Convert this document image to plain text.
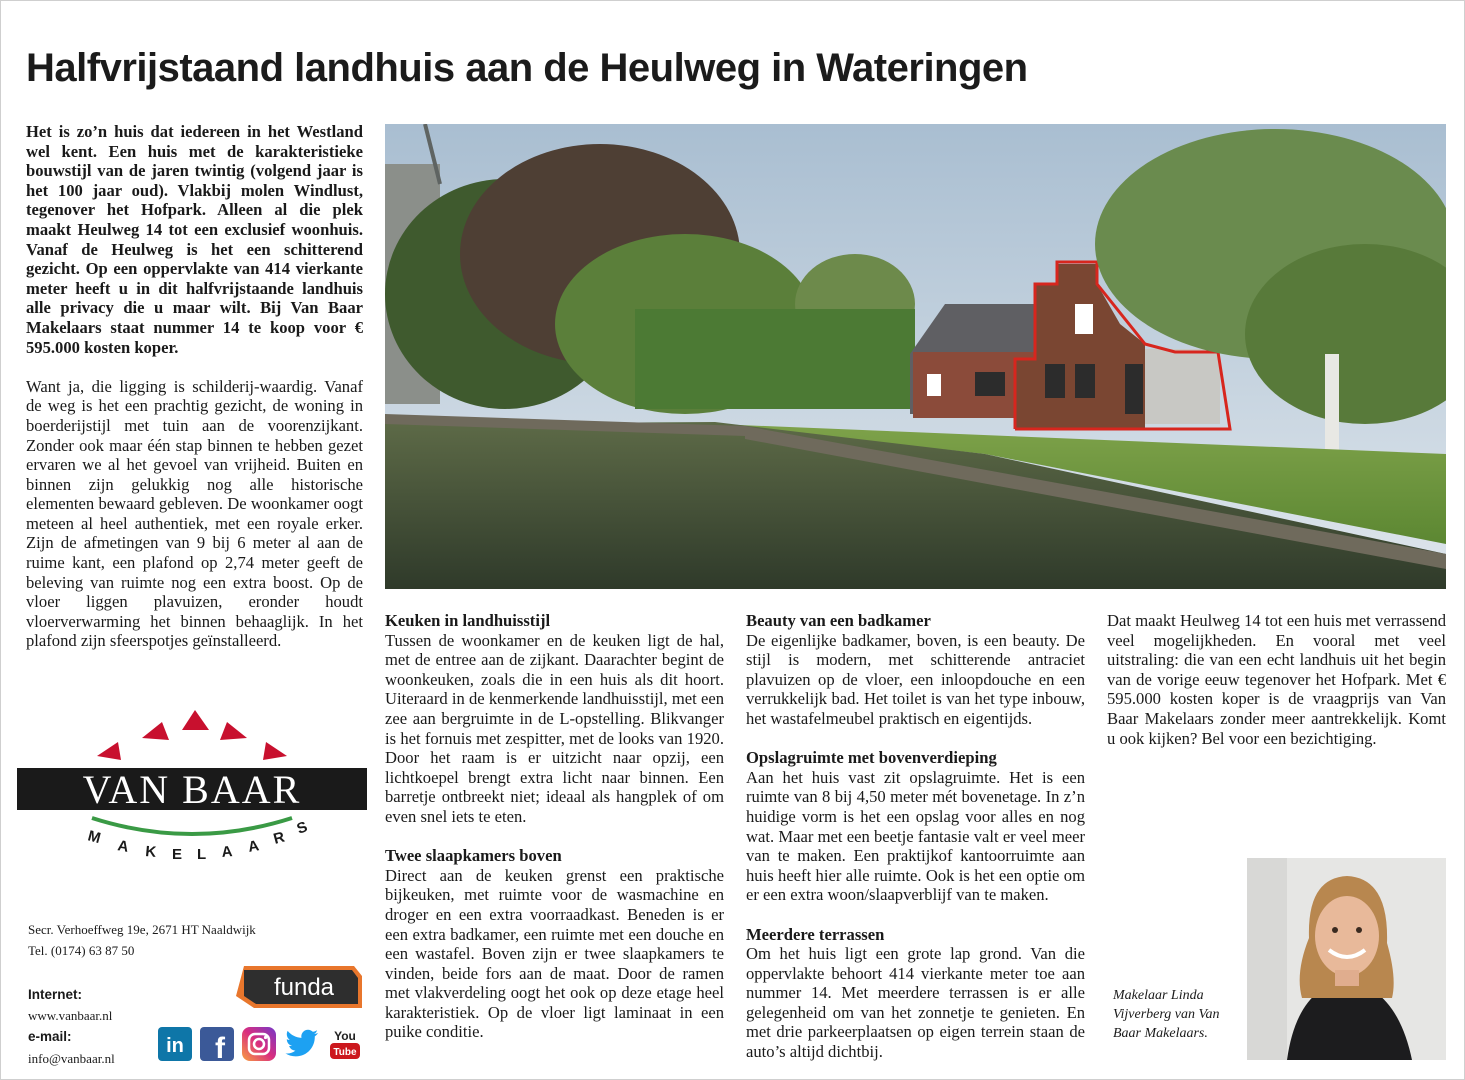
Halfvrijstaand landhuis aan de Heulweg in Wateringen

Het is zo’n huis dat iedereen in het Westland wel kent. Een huis met de karakteristieke bouwstijl van de jaren twintig (volgend jaar is het 100 jaar oud). Vlakbij molen Windlust, tegenover het Hofpark. Alleen al die plek maakt Heulweg 14 tot een exclusief woonhuis. Vanaf de Heulweg is het een schitterend gezicht. Op een oppervlakte van 414 vierkante meter heeft u in dit halfvrijstaande landhuis alle privacy die u maar wilt. Bij Van Baar Makelaars staat nummer 14 te koop voor € 595.000 kosten koper.

Want ja, die ligging is schilderij-waardig. Vanaf de weg is het een prachtig gezicht, de woning in boerderijstijl met tuin aan de voorenzijkant. Zonder ook maar één stap binnen te hebben gezet ervaren we al het gevoel van vrijheid. Buiten en binnen zijn gelukkig nog alle historische elementen bewaard gebleven. De woonkamer oogt meteen al heel authentiek, met een royale erker. Zijn de afmetingen van 9 bij 6 meter al aan de ruime kant, een plafond op 2,74 meter geeft de beleving van ruimte nog een extra boost. Op de vloer liggen plavuizen, eronder houdt vloerverwarming het binnen behaaglijk. In het plafond zijn sfeerspotjes geïnstalleerd.

Keuken in landhuisstijl

Tussen de woonkamer en de keuken ligt de hal, met de entree aan de zijkant. Daarachter begint de woonkeuken, zoals die in een huis als dit hoort. Uiteraard in de kenmerkende landhuisstijl, met een zee aan bergruimte in de L-opstelling. Blikvanger is het fornuis met zespitter, met de looks van 1920. Door het raam is er uitzicht naar opzij, een lichtkoepel brengt extra licht naar binnen. Een barretje ontbreekt niet; ideaal als hangplek of om even snel iets te eten.

Twee slaapkamers boven

Direct aan de keuken grenst een praktische bijkeuken, met ruimte voor de wasmachine en droger en een extra voorraadkast. Beneden is er een extra badkamer, een ruimte met een douche en een wastafel. Boven zijn er twee slaapkamers te vinden, beide fors aan de maat. Door de ramen met vlakverdeling oogt het ook op deze etage heel karakteristiek. Op de vloer ligt laminaat in een puike conditie.

Beauty van een badkamer

De eigenlijke badkamer, boven, is een beauty. De stijl is modern, met schitterende antraciet plavuizen op de vloer, een inloopdouche en een verrukkelijk bad. Het toilet is van het type inbouw, het wastafelmeubel praktisch en eigentijds.

Opslagruimte met bovenverdieping

Aan het huis vast zit opslagruimte. Het is een ruimte van 8 bij 4,50 meter mét bovenetage. In z’n huidige vorm is het een opslag voor alles en nog wat. Maar met een beetje fantasie valt er veel meer van te maken. Een praktijkof kantoorruimte aan huis heeft hier alle ruimte. Ook is het een optie om er een extra woon/slaapverblijf van te maken.

Meerdere terrassen

Om het huis ligt een grote lap grond. Van die oppervlakte behoort 414 vierkante meter toe aan nummer 14. Met meerdere terrassen is er alle gelegenheid om van het zonnetje te genieten. En met drie parkeerplaatsen op eigen terrein staan de auto’s altijd dichtbij.

Dat maakt Heulweg 14 tot een huis met verrassend veel mogelijkheden. En vooral met veel uitstraling: die van een echt landhuis uit het begin van de vorige eeuw tegenover het Hofpark. Met € 595.000 kosten koper is de vraagprijs van Van Baar Makelaars zonder meer aantrekkelijk. Komt u ook kijken? Bel voor een bezichtiging.

VAN BAAR
M A K E L A A R
S
Secr. Verhoeffweg 19e, 2671 HT Naaldwijk
Tel. (0174) 63 87 50
Internet:
www.vanbaar.nl
e-mail:
info@vanbaar.nl
funda
in f	You
Tube
Makelaar Linda Vijverberg van Van Baar Makelaars.
